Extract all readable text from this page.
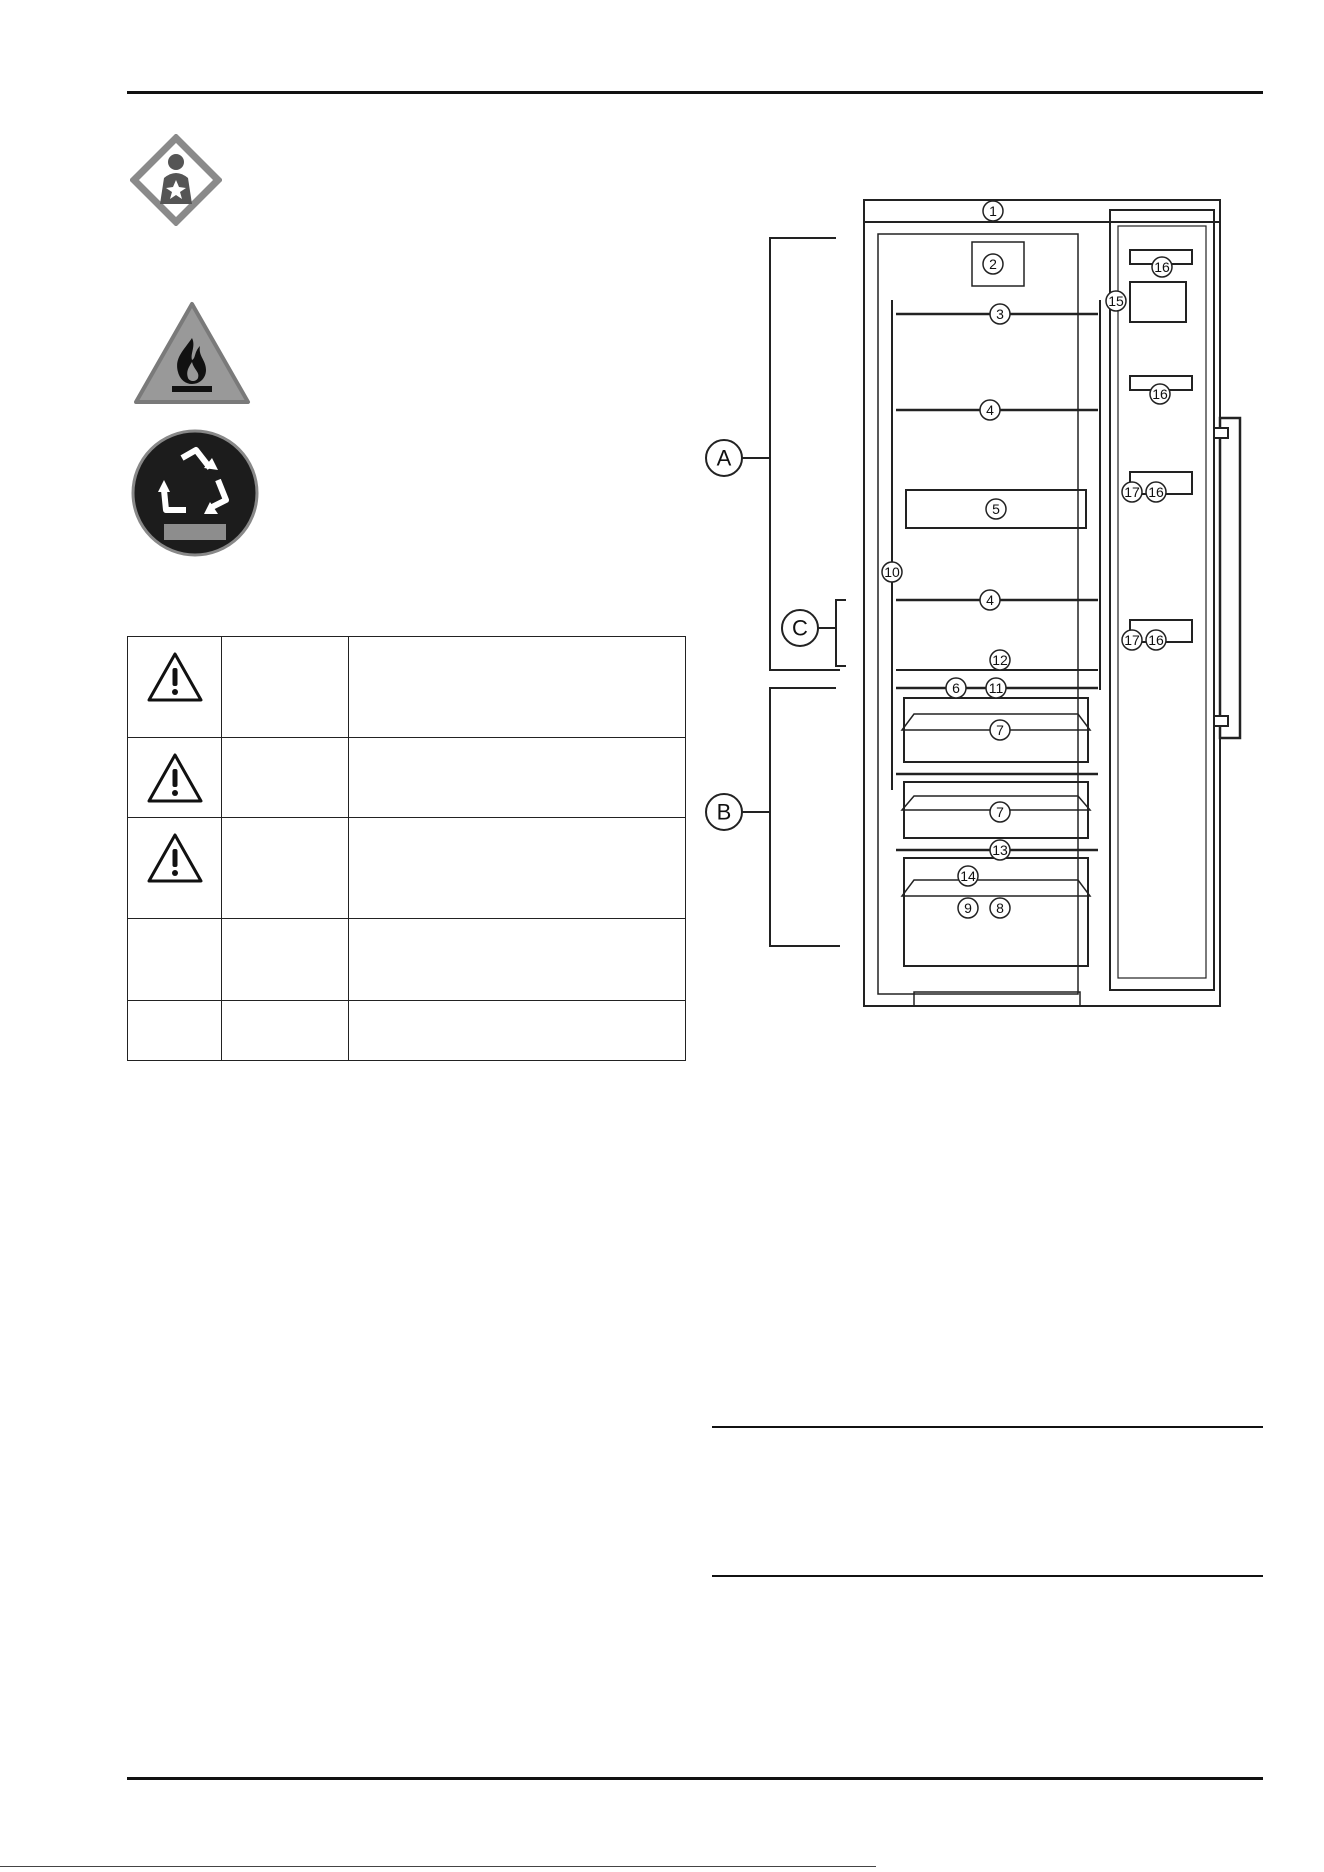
A
B
C
1
2
3
4
5
4
6
7
7
8
9
10
11
12
13
14
15
16
16
16
16
17
17
